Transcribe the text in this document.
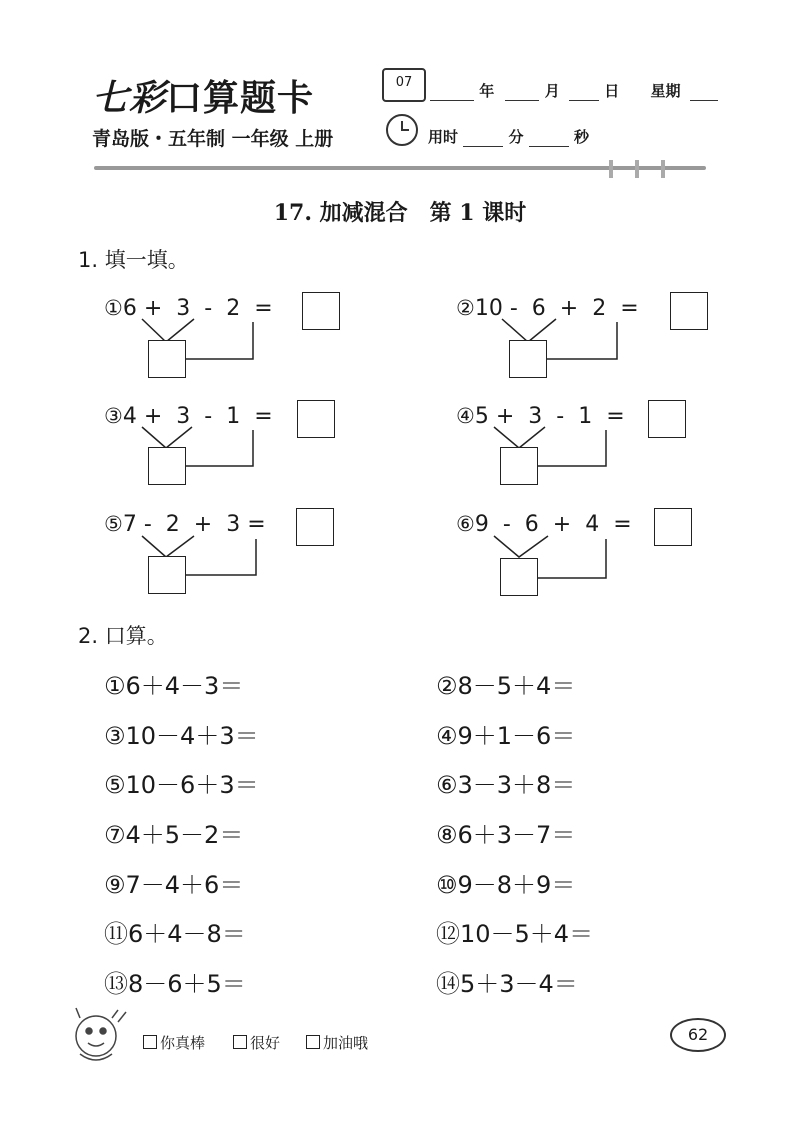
七彩口算题卡
青岛版・五年制 一年级 上册
07	年	月	日 星期
用时	分	秒
17. 加减混合　第 1 课时
1. 填一填。
①6 + 3 - 2 =	②10 - 6 + 2 =
③4 + 3 - 1 =	④5 + 3 - 1 =
⑤7 - 2 + 3 =	⑥9 - 6 + 4 =
2. 口算。
①6＋4－3＝	②8－5＋4＝
③10－4＋3＝	④9＋1－6＝
⑤10－6＋3＝	⑥3－3＋8＝
⑦4＋5－2＝	⑧6＋3－7＝
⑨7－4＋6＝	⑩9－8＋9＝
⑪6＋4－8＝	⑫10－5＋4＝
⑬8－6＋5＝	⑭5＋3－4＝
你真棒	很好	加油哦	62
